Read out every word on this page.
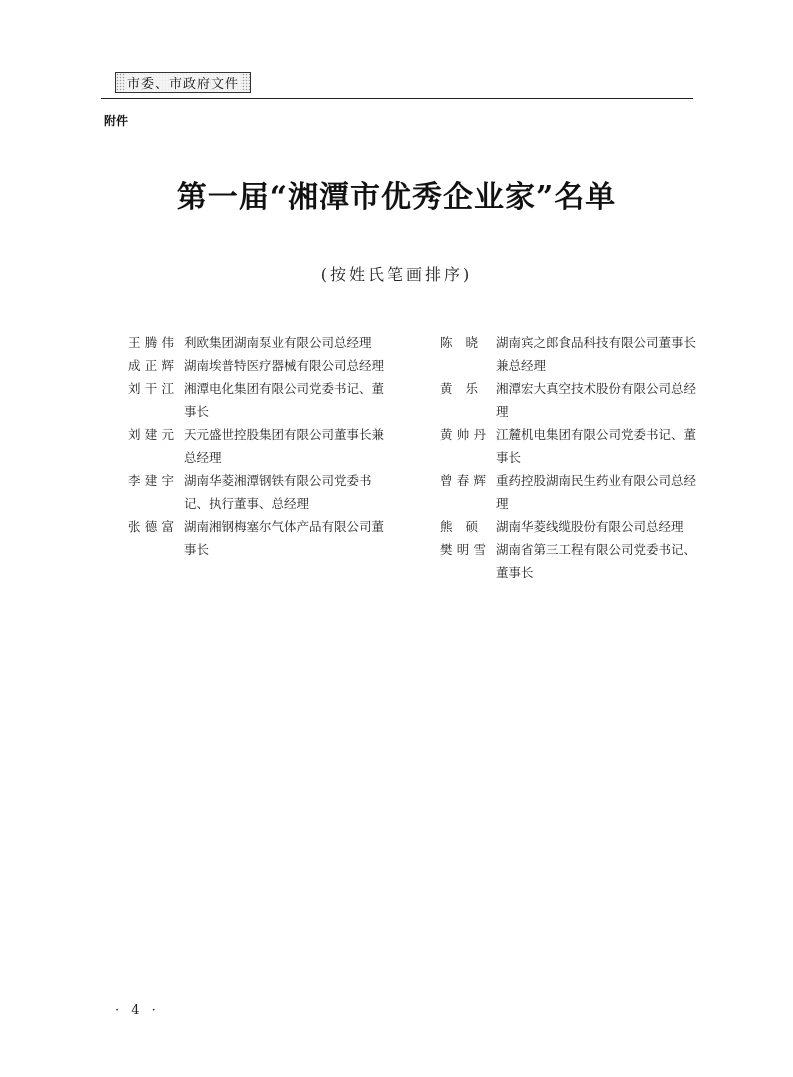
市委、市政府文件
附件
第一届“湘潭市优秀企业家”名单
(按姓氏笔画排序)
王腾伟 利欧集团湖南泵业有限公司总经理
成正辉 湖南埃普特医疗器械有限公司总经理
刘干江 湘潭电化集团有限公司党委书记、董事长
刘建元 天元盛世控股集团有限公司董事长兼总经理
李建宇 湖南华菱湘潭钢铁有限公司党委书记、执行董事、总经理
张德富 湖南湘钢梅塞尔气体产品有限公司董事长
陈 晓 湖南宾之郎食品科技有限公司董事长兼总经理
黄 乐 湘潭宏大真空技术股份有限公司总经理
黄帅丹 江麓机电集团有限公司党委书记、董事长
曾春辉 重药控股湖南民生药业有限公司总经理
熊 硕 湖南华菱线缆股份有限公司总经理
樊明雪 湖南省第三工程有限公司党委书记、董事长
· 4 ·
